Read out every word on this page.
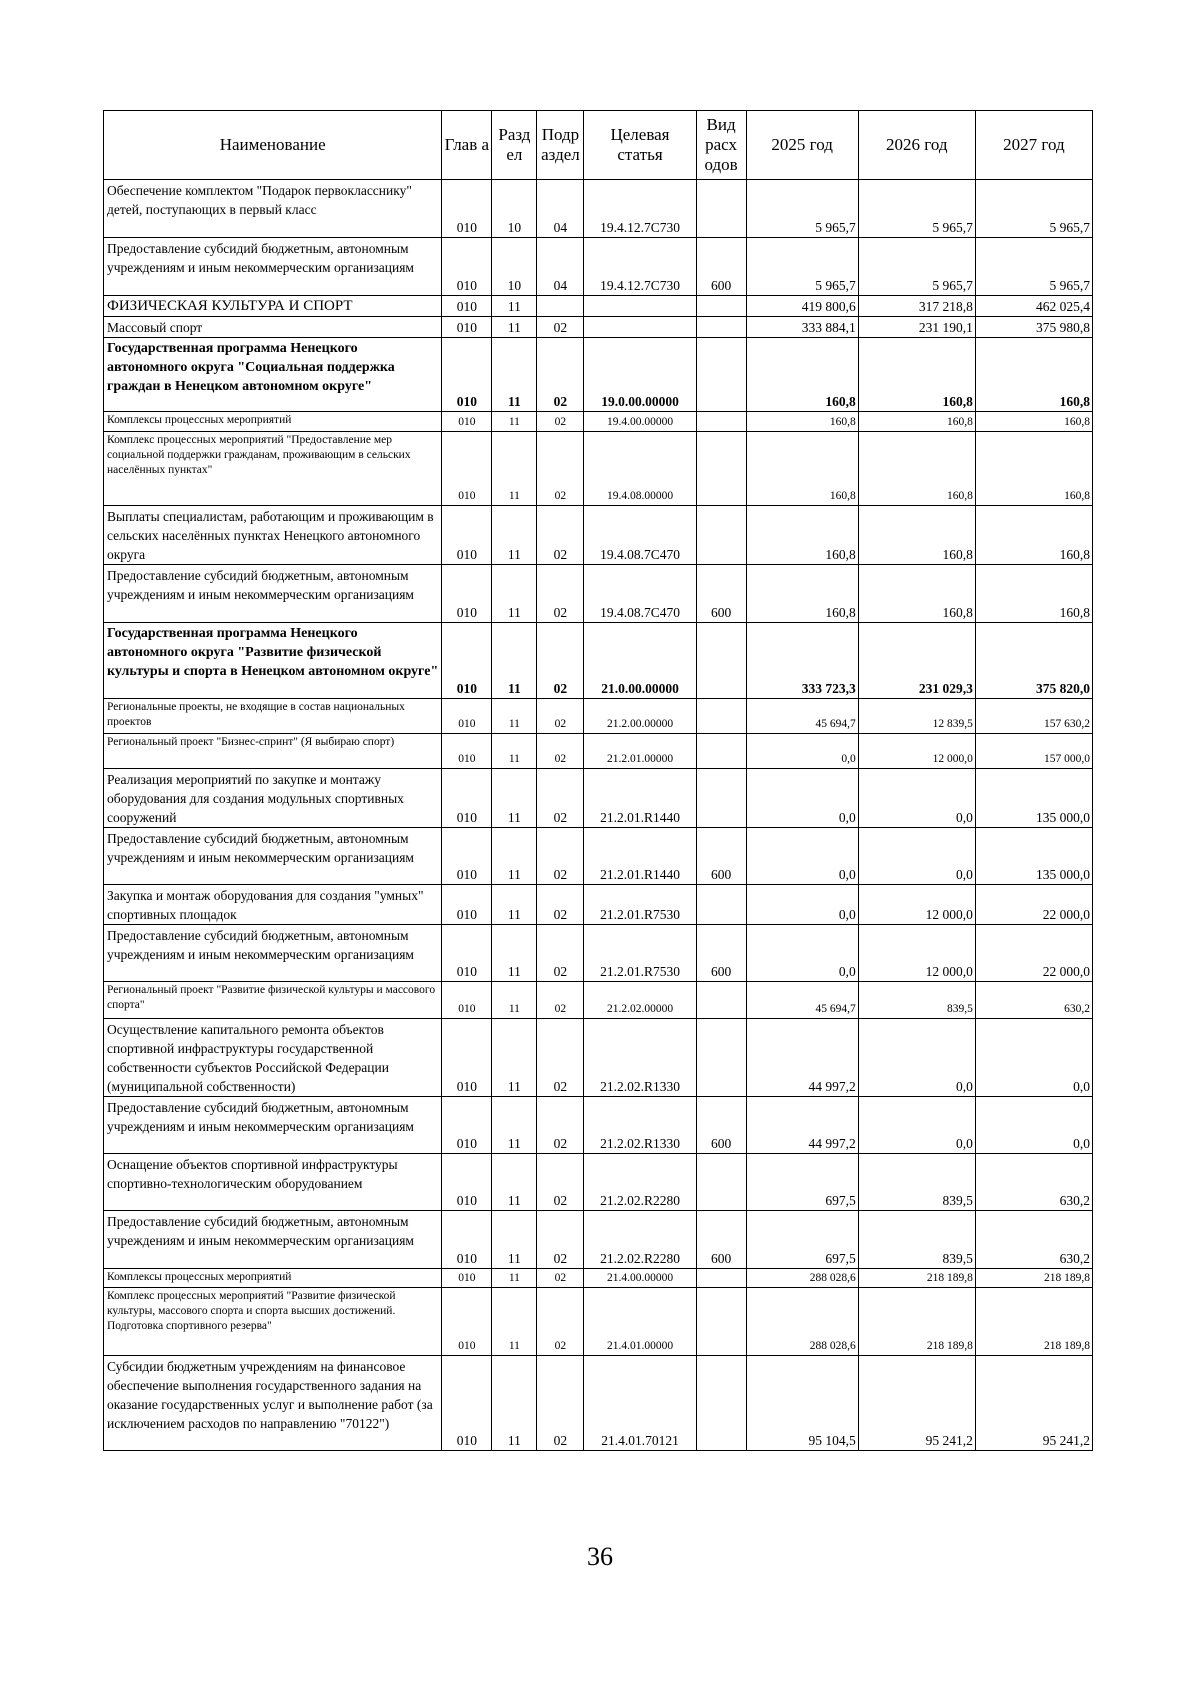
Наименование	Глав а	Разд ел	Подр аздел	Целевая статья	Вид расх одов	2025 год	2026 год	2027 год
Обеспечение комплектом "Подарок первокласснику" детей, поступающих в первый класс	010	10	04	19.4.12.7С730		5 965,7	5 965,7	5 965,7
Предоставление субсидий бюджетным, автономным учреждениям и иным некоммерческим организациям	010	10	04	19.4.12.7С730	600	5 965,7	5 965,7	5 965,7
ФИЗИЧЕСКАЯ КУЛЬТУРА И СПОРТ	010	11				419 800,6	317 218,8	462 025,4
Массовый спорт	010	11	02			333 884,1	231 190,1	375 980,8
Государственная программа Ненецкого автономного округа "Социальная поддержка граждан в Ненецком автономном округе"	010	11	02	19.0.00.00000		160,8	160,8	160,8
Комплексы процессных мероприятий	010	11	02	19.4.00.00000		160,8	160,8	160,8
Комплекс процессных мероприятий "Предоставление мер социальной поддержки гражданам, проживающим в сельских населённых пунктах"	010	11	02	19.4.08.00000		160,8	160,8	160,8
Выплаты специалистам, работающим и проживающим в сельских населённых пунктах Ненецкого автономного округа	010	11	02	19.4.08.7С470		160,8	160,8	160,8
Предоставление субсидий бюджетным, автономным учреждениям и иным некоммерческим организациям	010	11	02	19.4.08.7С470	600	160,8	160,8	160,8
Государственная программа Ненецкого автономного округа "Развитие физической культуры и спорта в Ненецком автономном округе"	010	11	02	21.0.00.00000		333 723,3	231 029,3	375 820,0
Региональные проекты, не входящие в состав национальных проектов	010	11	02	21.2.00.00000		45 694,7	12 839,5	157 630,2
Региональный проект "Бизнес-спринт" (Я выбираю спорт)	010	11	02	21.2.01.00000		0,0	12 000,0	157 000,0
Реализация мероприятий по закупке и монтажу оборудования для создания модульных спортивных сооружений	010	11	02	21.2.01.R1440		0,0	0,0	135 000,0
Предоставление субсидий бюджетным, автономным учреждениям и иным некоммерческим организациям	010	11	02	21.2.01.R1440	600	0,0	0,0	135 000,0
Закупка и монтаж оборудования для создания "умных" спортивных площадок	010	11	02	21.2.01.R7530		0,0	12 000,0	22 000,0
Предоставление субсидий бюджетным, автономным учреждениям и иным некоммерческим организациям	010	11	02	21.2.01.R7530	600	0,0	12 000,0	22 000,0
Региональный проект "Развитие физической культуры и массового спорта"	010	11	02	21.2.02.00000		45 694,7	839,5	630,2
Осуществление капитального ремонта объектов спортивной инфраструктуры государственной собственности субъектов Российской Федерации (муниципальной собственности)	010	11	02	21.2.02.R1330		44 997,2	0,0	0,0
Предоставление субсидий бюджетным, автономным учреждениям и иным некоммерческим организациям	010	11	02	21.2.02.R1330	600	44 997,2	0,0	0,0
Оснащение объектов спортивной инфраструктуры спортивно-технологическим оборудованием	010	11	02	21.2.02.R2280		697,5	839,5	630,2
Предоставление субсидий бюджетным, автономным учреждениям и иным некоммерческим организациям	010	11	02	21.2.02.R2280	600	697,5	839,5	630,2
Комплексы процессных мероприятий	010	11	02	21.4.00.00000		288 028,6	218 189,8	218 189,8
Комплекс процессных мероприятий "Развитие физической культуры, массового спорта и спорта высших достижений. Подготовка спортивного резерва"	010	11	02	21.4.01.00000		288 028,6	218 189,8	218 189,8
Субсидии бюджетным учреждениям на финансовое обеспечение выполнения государственного задания на оказание государственных услуг и выполнение работ (за исключением расходов по направлению "70122")	010	11	02	21.4.01.70121		95 104,5	95 241,2	95 241,2
36
